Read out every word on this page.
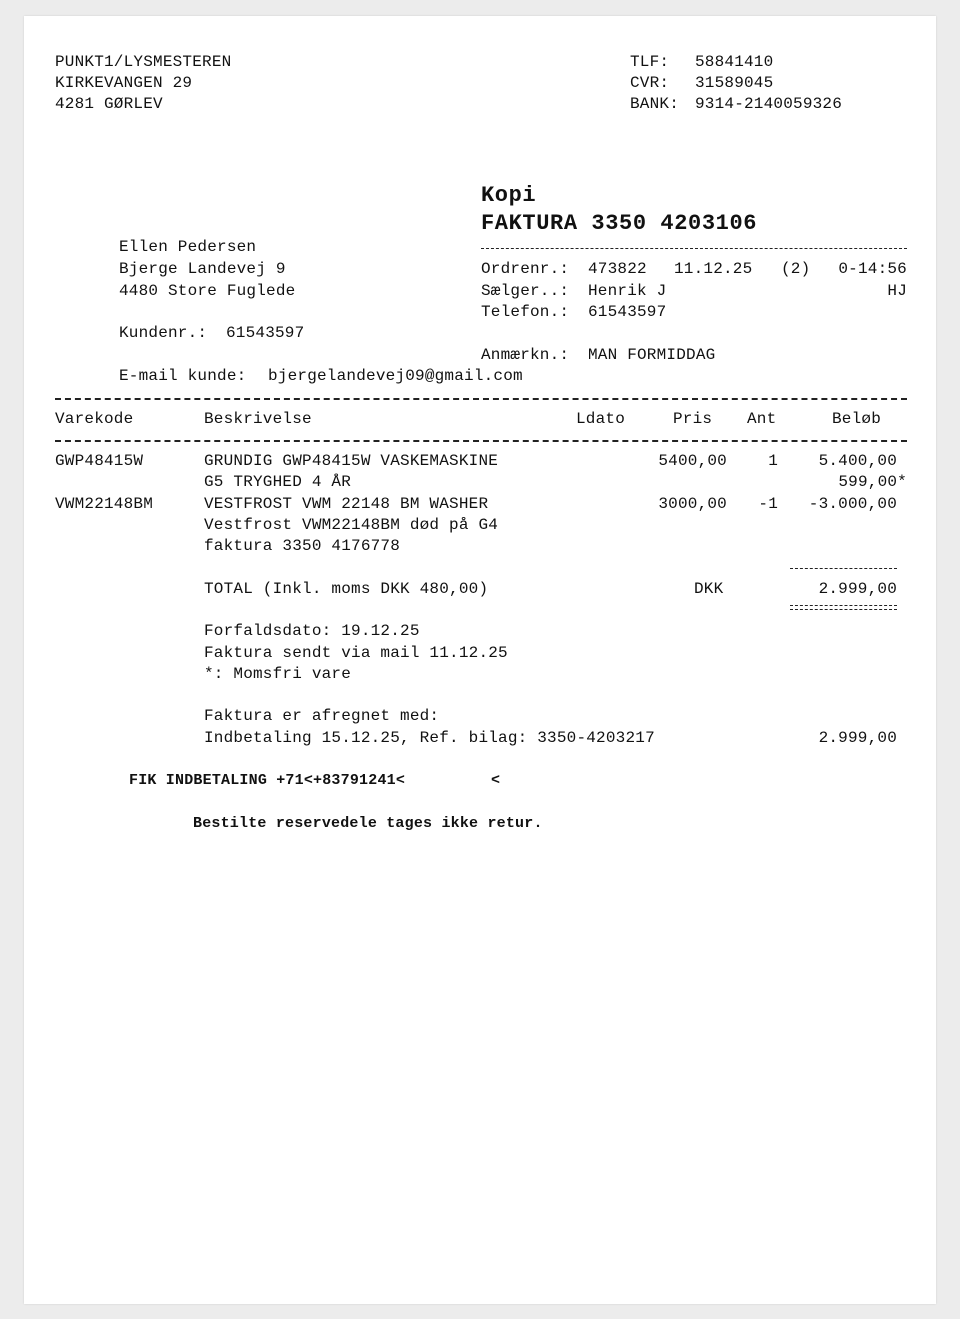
PUNKT1/LYSMESTEREN
KIRKEVANGEN 29
4281 GØRLEV
TLF: 58841410
CVR: 31589045
BANK: 9314-2140059326
Kopi
FAKTURA 3350 4203106
Ellen Pedersen
Bjerge Landevej 9
4480 Store Fuglede
Kundenr.: 61543597
E-mail kunde: bjergelandevej09@gmail.com
Ordrenr.: 473822 11.12.25 (2)	0-14:56
Sælger..: Henrik J	HJ
Telefon.: 61543597
Anmærkn.: MAN FORMIDDAG
Varekode	Beskrivelse	Ldato	Pris Ant	Beløb
GWP48415W	GRUNDIG GWP48415W VASKEMASKINE	5400,00	1	5.400,00
G5 TRYGHED 4 ÅR	599,00*
VWM22148BM	VESTFROST VWM 22148 BM WASHER	3000,00	-1	-3.000,00
Vestfrost VWM22148BM død på G4
faktura 3350 4176778
TOTAL (Inkl. moms DKK 480,00)	DKK	2.999,00
Forfaldsdato: 19.12.25
Faktura sendt via mail 11.12.25
*: Momsfri vare
Faktura er afregnet med:
Indbetaling 15.12.25, Ref. bilag: 3350-4203217	2.999,00
FIK INDBETALING +71<+83791241<	<
Bestilte reservedele tages ikke retur.
